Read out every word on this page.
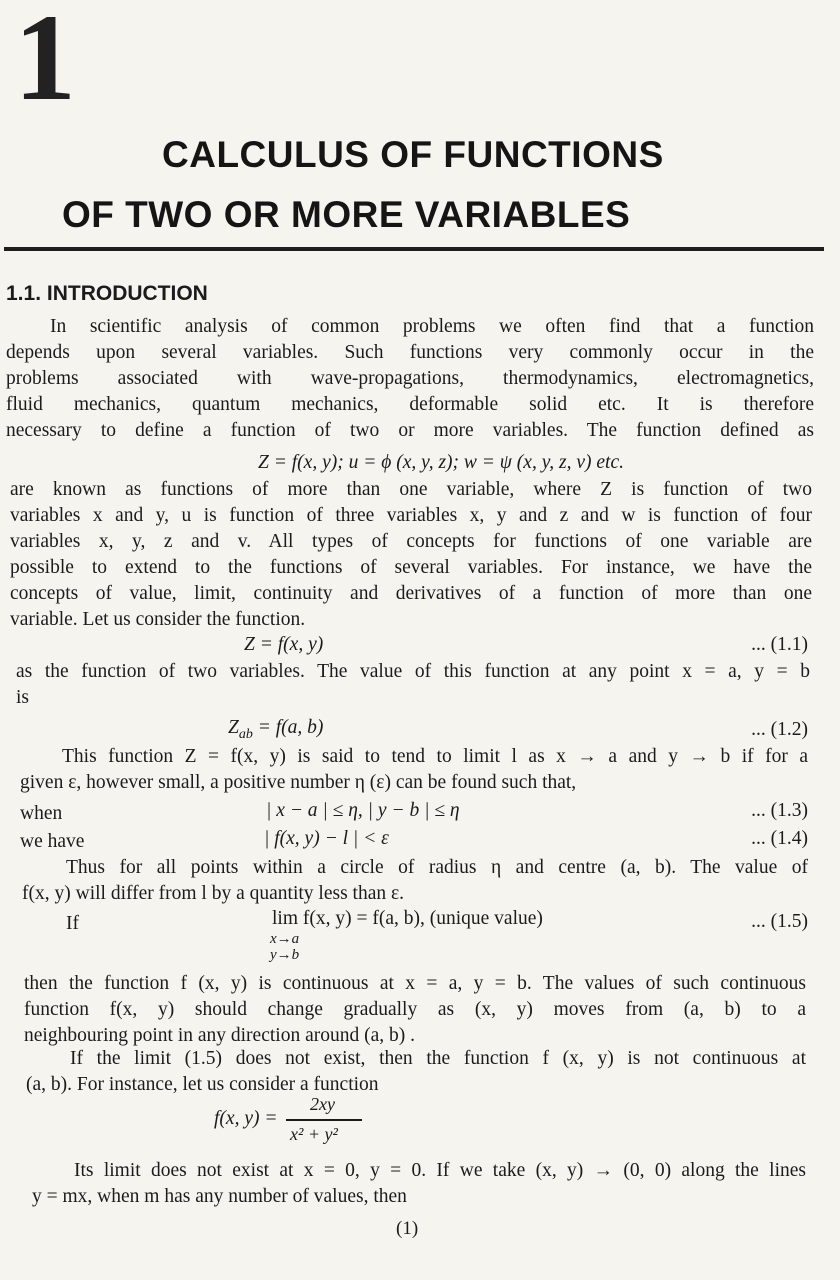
1
CALCULUS OF FUNCTIONS
OF TWO OR MORE VARIABLES
1.1. INTRODUCTION
In scientific analysis of common problems we often find that a function
depends upon several variables. Such functions very commonly occur in the
problems associated with wave-propagations, thermodynamics, electromagnetics,
fluid mechanics, quantum mechanics, deformable solid etc. It is therefore
necessary to define a function of two or more variables. The function defined as
Z = f(x, y); u = ϕ (x, y, z); w = ψ (x, y, z, v) etc.
are known as functions of more than one variable, where Z is function of two
variables x and y, u is function of three variables x, y and z and w is function of four
variables x, y, z and v. All types of concepts for functions of one variable are
possible to extend to the functions of several variables. For instance, we have the
concepts of value, limit, continuity and derivatives of a function of more than one
variable. Let us consider the function.
Z = f(x, y)	... (1.1)
as the function of two variables. The value of this function at any point x = a, y = b
is
$Z_{ab} = f(a$, b)	... (1.2)
This function Z = f(x, y) is said to tend to limit l as x → a and y → b if for a
given ε, however small, a positive number η (ε) can be found such that,
when	| x − a | ≤ η, | y − b | ≤ η	... (1.3)
we have	| f(x, y) − l | < ε	... (1.4)
Thus for all points within a circle of radius η and centre (a, b). The value of
f(x, y) will differ from l by a quantity less than ε.
If	lim f(x, y) = f(a, b), (unique value)
x→a
y→b
... (1.5)
then the function f (x, y) is continuous at x = a, y = b. The values of such continuous
function f(x, y) should change gradually as (x, y) moves from (a, b) to a
neighbouring point in any direction around (a, b) .
If the limit (1.5) does not exist, then the function f (x, y) is not continuous at
(a, b). For instance, let us consider a function
f(x, y) =
2xy
x² + y²
Its limit does not exist at x = 0, y = 0. If we take (x, y) → (0, 0) along the lines
y = mx, when m has any number of values, then
(1)
